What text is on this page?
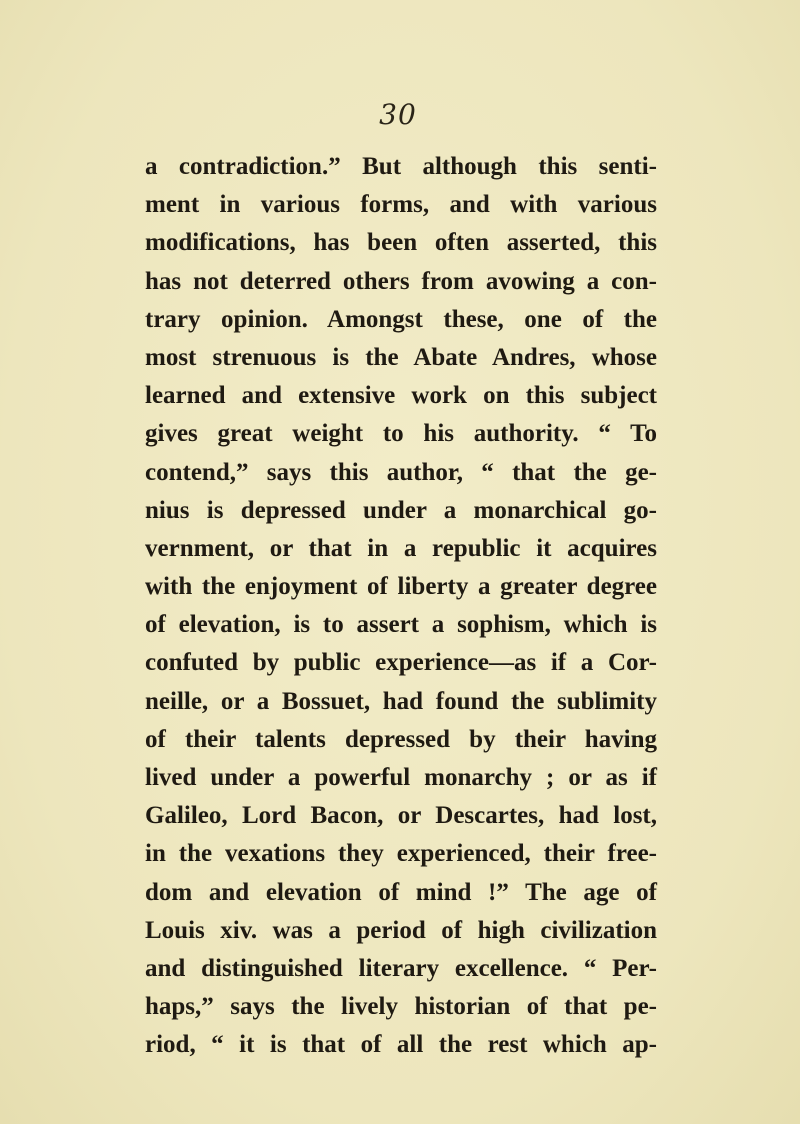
30
a contradiction.” But although this senti-
ment in various forms, and with various
modifications, has been often asserted, this
has not deterred others from avowing a con-
trary opinion. Amongst these, one of the
most strenuous is the Abate Andres, whose
learned and extensive work on this subject
gives great weight to his authority. “ To
contend,” says this author, “ that the ge-
nius is depressed under a monarchical go-
vernment, or that in a republic it acquires
with the enjoyment of liberty a greater degree
of elevation, is to assert a sophism, which is
confuted by public experience—as if a Cor-
neille, or a Bossuet, had found the sublimity
of their talents depressed by their having
lived under a powerful monarchy ; or as if
Galileo, Lord Bacon, or Descartes, had lost,
in the vexations they experienced, their free-
dom and elevation of mind !” The age of
Louis xiv. was a period of high civilization
and distinguished literary excellence. “ Per-
haps,” says the lively historian of that pe-
riod, “ it is that of all the rest which ap-
